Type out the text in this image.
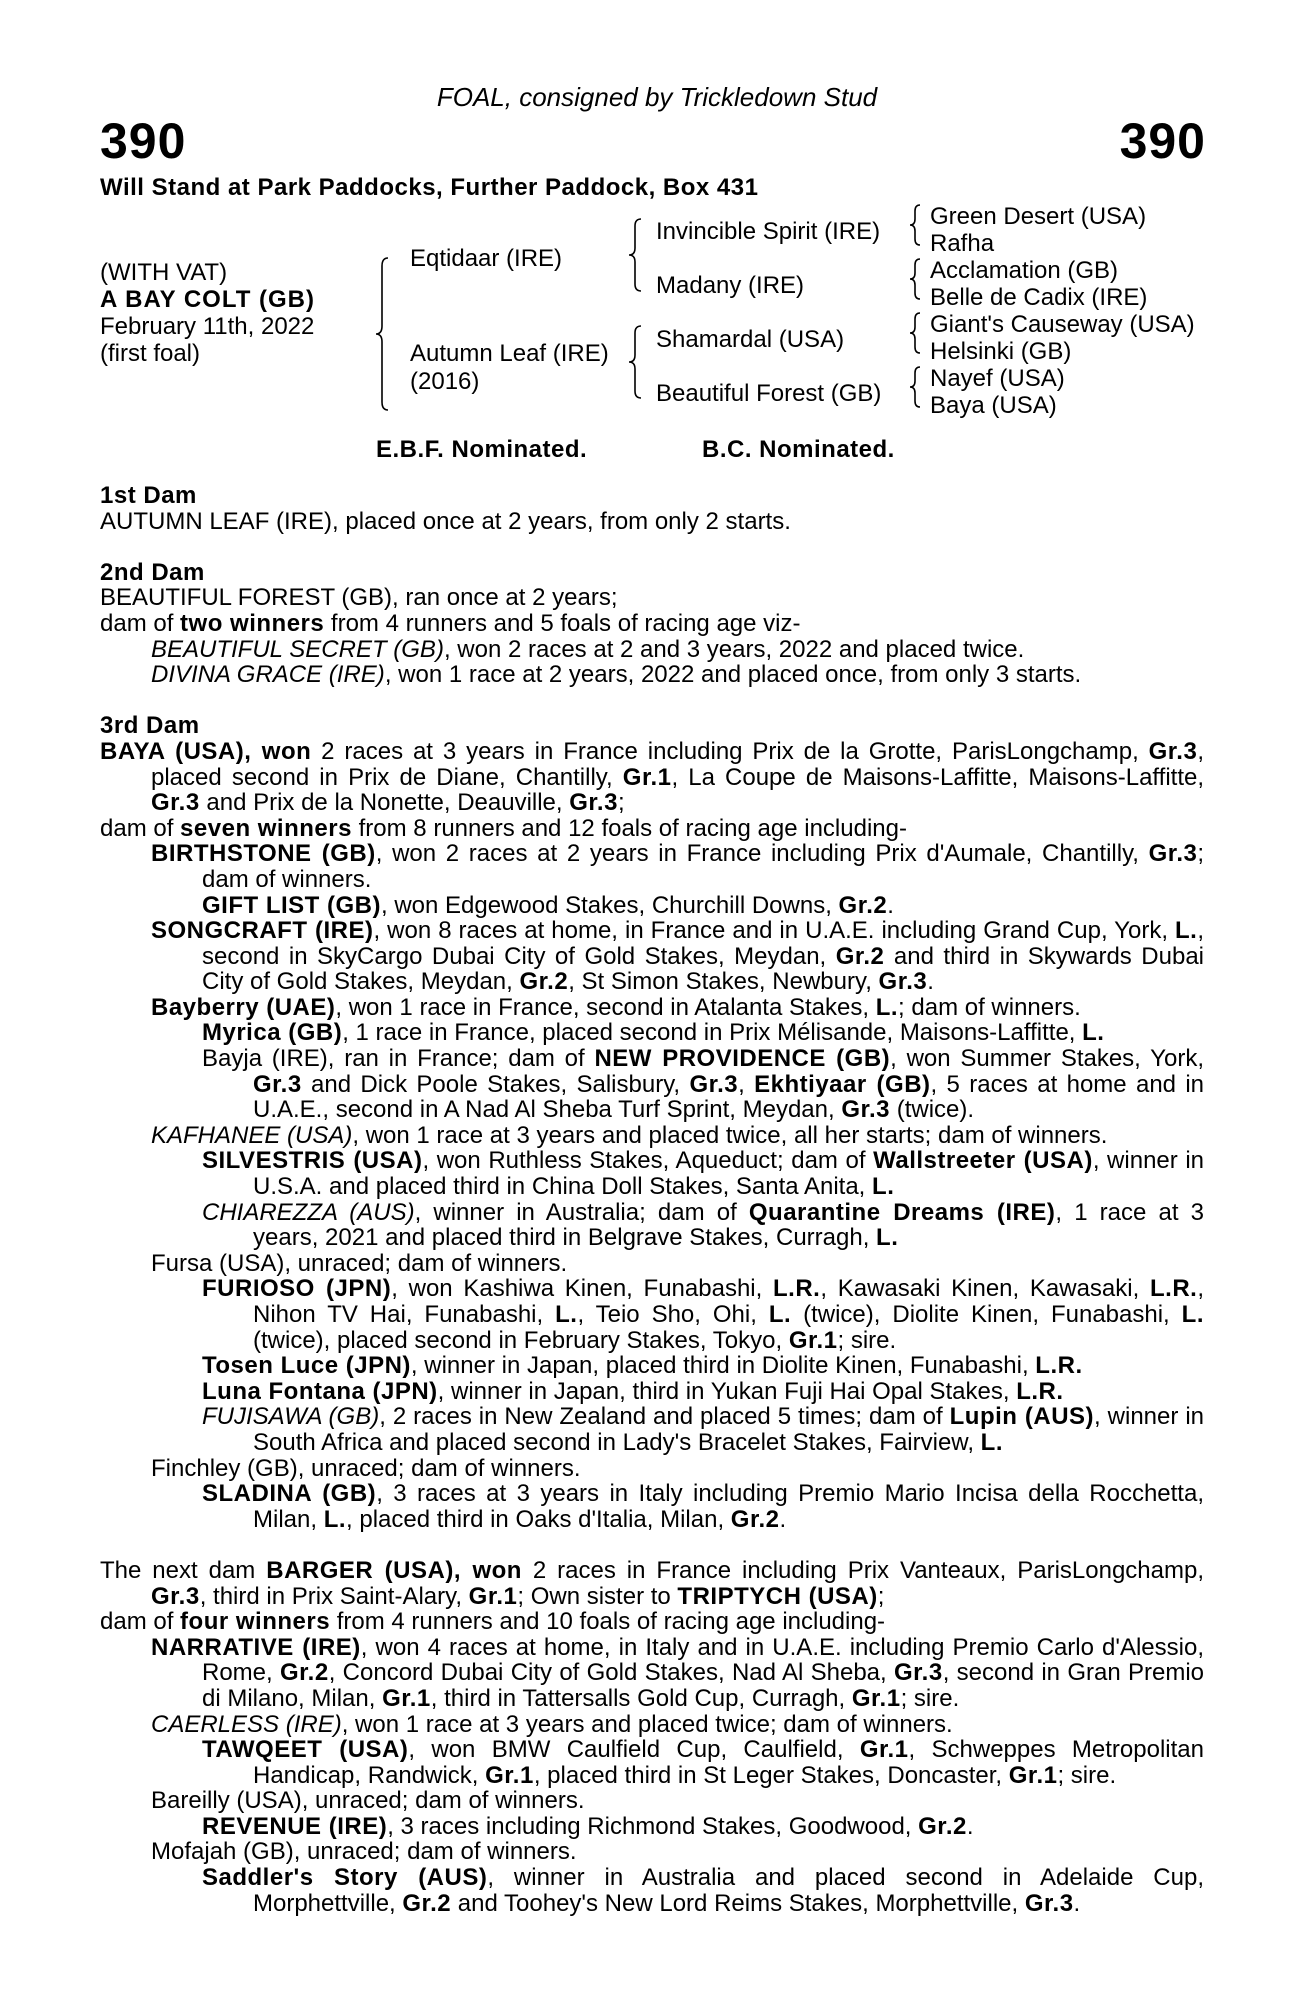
FOAL, consigned by Trickledown Stud
390	390
Will Stand at Park Paddocks, Further Paddock, Box 431
(WITH VAT)
A BAY COLT (GB)
February 11th, 2022
(first foal)
Eqtidaar (IRE)
Autumn Leaf (IRE)
(2016)
Invincible Spirit (IRE)
Madany (IRE)
Shamardal (USA)
Beautiful Forest (GB)
Green Desert (USA)
Rafha
Acclamation (GB)
Belle de Cadix (IRE)
Giant's Causeway (USA)
Helsinki (GB)
Nayef (USA)
Baya (USA)
E.B.F. Nominated.	B.C. Nominated.

1st Dam

AUTUMN LEAF (IRE), placed once at 2 years, from only 2 starts.

2nd Dam

BEAUTIFUL FOREST (GB), ran once at 2 years;

dam of two winners from 4 runners and 5 foals of racing age viz-

BEAUTIFUL SECRET (GB), won 2 races at 2 and 3 years, 2022 and placed twice.

DIVINA GRACE (IRE), won 1 race at 2 years, 2022 and placed once, from only 3 starts.

3rd Dam

BAYA (USA), won 2 races at 3 years in France including Prix de la Grotte, ParisLongchamp, Gr.3, placed second in Prix de Diane, Chantilly, Gr.1, La Coupe de Maisons-Laffitte, Maisons-Laffitte, Gr.3 and Prix de la Nonette, Deauville, Gr.3;

dam of seven winners from 8 runners and 12 foals of racing age including-

BIRTHSTONE (GB), won 2 races at 2 years in France including Prix d'Aumale, Chantilly, Gr.3; dam of winners.

GIFT LIST (GB), won Edgewood Stakes, Churchill Downs, Gr.2.

SONGCRAFT (IRE), won 8 races at home, in France and in U.A.E. including Grand Cup, York, L., second in SkyCargo Dubai City of Gold Stakes, Meydan, Gr.2 and third in Skywards Dubai City of Gold Stakes, Meydan, Gr.2, St Simon Stakes, Newbury, Gr.3.

Bayberry (UAE), won 1 race in France, second in Atalanta Stakes, L.; dam of winners.

Myrica (GB), 1 race in France, placed second in Prix Mélisande, Maisons-Laffitte, L.

Bayja (IRE), ran in France; dam of NEW PROVIDENCE (GB), won Summer Stakes, York, Gr.3 and Dick Poole Stakes, Salisbury, Gr.3, Ekhtiyaar (GB), 5 races at home and in U.A.E., second in A Nad Al Sheba Turf Sprint, Meydan, Gr.3 (twice).

KAFHANEE (USA), won 1 race at 3 years and placed twice, all her starts; dam of winners.

SILVESTRIS (USA), won Ruthless Stakes, Aqueduct; dam of Wallstreeter (USA), winner in U.S.A. and placed third in China Doll Stakes, Santa Anita, L.

CHIAREZZA (AUS), winner in Australia; dam of Quarantine Dreams (IRE), 1 race at 3 years, 2021 and placed third in Belgrave Stakes, Curragh, L.

Fursa (USA), unraced; dam of winners.

FURIOSO (JPN), won Kashiwa Kinen, Funabashi, L.R., Kawasaki Kinen, Kawasaki, L.R., Nihon TV Hai, Funabashi, L., Teio Sho, Ohi, L. (twice), Diolite Kinen, Funabashi, L. (twice), placed second in February Stakes, Tokyo, Gr.1; sire.

Tosen Luce (JPN), winner in Japan, placed third in Diolite Kinen, Funabashi, L.R.

Luna Fontana (JPN), winner in Japan, third in Yukan Fuji Hai Opal Stakes, L.R.

FUJISAWA (GB), 2 races in New Zealand and placed 5 times; dam of Lupin (AUS), winner in South Africa and placed second in Lady's Bracelet Stakes, Fairview, L.

Finchley (GB), unraced; dam of winners.

SLADINA (GB), 3 races at 3 years in Italy including Premio Mario Incisa della Rocchetta, Milan, L., placed third in Oaks d'Italia, Milan, Gr.2.

The next dam BARGER (USA), won 2 races in France including Prix Vanteaux, ParisLongchamp, Gr.3, third in Prix Saint-Alary, Gr.1; Own sister to TRIPTYCH (USA);

dam of four winners from 4 runners and 10 foals of racing age including-

NARRATIVE (IRE), won 4 races at home, in Italy and in U.A.E. including Premio Carlo d'Alessio, Rome, Gr.2, Concord Dubai City of Gold Stakes, Nad Al Sheba, Gr.3, second in Gran Premio di Milano, Milan, Gr.1, third in Tattersalls Gold Cup, Curragh, Gr.1; sire.

CAERLESS (IRE), won 1 race at 3 years and placed twice; dam of winners.

TAWQEET (USA), won BMW Caulfield Cup, Caulfield, Gr.1, Schweppes Metropolitan Handicap, Randwick, Gr.1, placed third in St Leger Stakes, Doncaster, Gr.1; sire.

Bareilly (USA), unraced; dam of winners.

REVENUE (IRE), 3 races including Richmond Stakes, Goodwood, Gr.2.

Mofajah (GB), unraced; dam of winners.

Saddler's Story (AUS), winner in Australia and placed second in Adelaide Cup, Morphettville, Gr.2 and Toohey's New Lord Reims Stakes, Morphettville, Gr.3.
